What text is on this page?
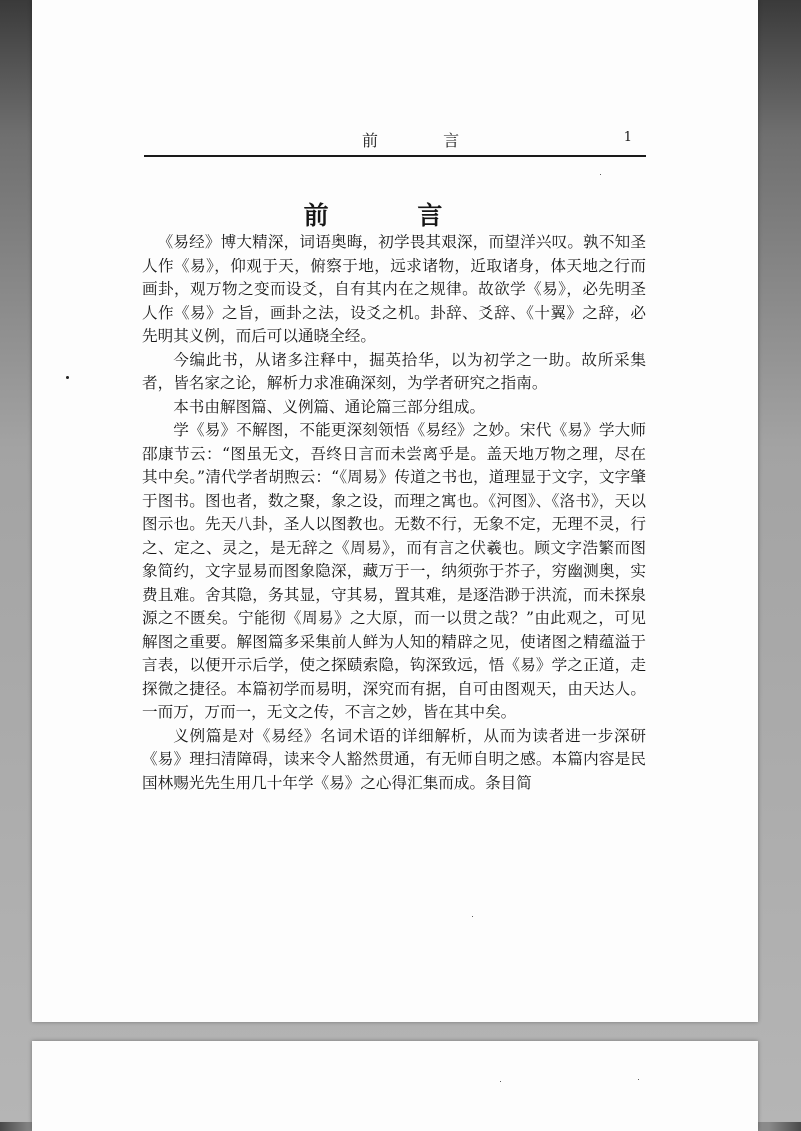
前 言	1
前 言

《易经》博大精深，词语奥晦，初学畏其艰深，而望洋兴叹。孰不知圣人作《易》，仰观于天，俯察于地，远求诸物，近取诸身，体天地之行而画卦，观万物之变而设爻，自有其内在之规律。故欲学《易》，必先明圣人作《易》之旨，画卦之法，设爻之机。卦辞、爻辞、《十翼》之辞，必先明其义例，而后可以通晓全经。

今编此书，从诸多注释中，掘英拾华，以为初学之一助。故所采集者，皆名家之论，解析力求准确深刻，为学者研究之指南。

本书由解图篇、义例篇、通论篇三部分组成。

学《易》不解图，不能更深刻领悟《易经》之妙。宋代《易》学大师邵康节云：“图虽无文，吾终日言而未尝离乎是。盖天地万物之理，尽在其中矣。”清代学者胡煦云：“《周易》传道之书也，道理显于文字，文字肇于图书。图也者，数之聚，象之设，而理之寓也。《河图》、《洛书》，天以图示也。先天八卦，圣人以图教也。无数不行，无象不定，无理不灵，行之、定之、灵之，是无辞之《周易》，而有言之伏羲也。顾文字浩繁而图象简约，文字显易而图象隐深，藏万于一，纳须弥于芥子，穷幽测奥，实费且难。舍其隐，务其显，守其易，置其难，是逐浩渺于洪流，而未探泉源之不匮矣。宁能彻《周易》之大原，而一以贯之哉？”由此观之，可见解图之重要。解图篇多采集前人鲜为人知的精辟之见，使诸图之精蕴溢于言表，以便开示后学，使之探赜索隐，钩深致远，悟《易》学之正道，走探微之捷径。本篇初学而易明，深究而有据，自可由图观天，由天达人。一而万，万而一，无文之传，不言之妙，皆在其中矣。

义例篇是对《易经》名词术语的详细解析，从而为读者进一步深研《易》理扫清障碍，读来令人豁然贯通，有无师自明之感。本篇内容是民国林赐光先生用几十年学《易》之心得汇集而成。条目简
